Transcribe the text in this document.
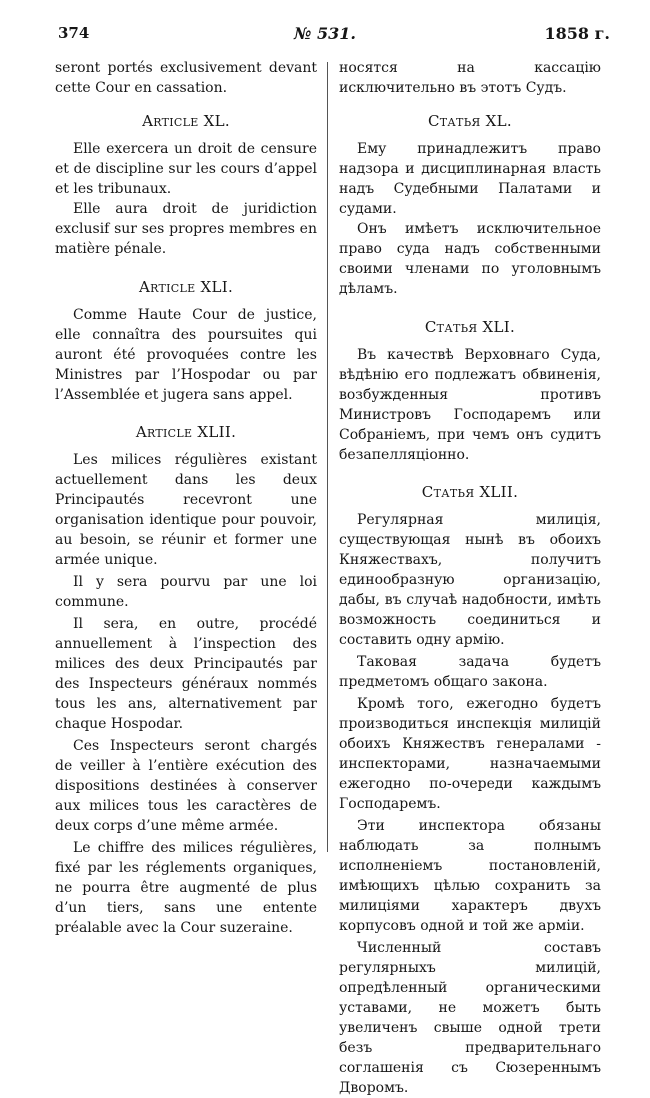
374	№ 531.	1858 г.

seront portés exclusivement devant cette Cour en cassation.

Article XL.

Elle exercera un droit de censure et de discipline sur les cours d’appel et les tribunaux.

Elle aura droit de juridiction exclusif sur ses propres membres en matière pénale.

Article XLI.

Comme Haute Cour de justice, elle connaîtra des poursuites qui auront été provoquées contre les Ministres par l’Hospodar ou par l’Assemblée et jugera sans appel.

Article XLII.

Les milices régulières existant actuellement dans les deux Principautés recevront une organisation identique pour pouvoir, au besoin, se réunir et former une armée unique.

Il y sera pourvu par une loi commune.

Il sera, en outre, procédé annuellement à l’inspection des milices des deux Principautés par des Inspecteurs généraux nommés tous les ans, alternativement par chaque Hospodar.

Ces Inspecteurs seront chargés de veiller à l’entière exécution des dispositions destinées à conserver aux milices tous les caractères de deux corps d’une même armée.

Le chiffre des milices régulières, fixé par les réglements organiques, ne pourra être augmenté de plus d’un tiers, sans une entente préalable avec la Cour suzeraine.

носятся на кассацію исключительно въ этотъ Судъ.

Статья XL.

Ему принадлежитъ право надзора и дисциплинарная власть надъ Судебными Палатами и судами.

Онъ имѣетъ исключительное право суда надъ собственными своими членами по уголовнымъ дѣламъ.

Статья XLI.

Въ качествѣ Верховнаго Суда, вѣдѣнію его подлежатъ обвиненія, возбужденныя противъ Министровъ Господаремъ или Собраніемъ, при чемъ онъ судитъ безапелляціонно.

Статья XLII.

Регулярная милиція, существующая нынѣ въ обоихъ Княжествахъ, получитъ единообразную организацію, дабы, въ случаѣ надобности, имѣть возможность соединиться и составить одну армію.

Таковая задача будетъ предметомъ общаго закона.

Кромѣ того, ежегодно будетъ производиться инспекція милицій обоихъ Княжествъ генералами - инспекторами, назначаемыми ежегодно по-очереди каждымъ Господаремъ.

Эти инспектора обязаны наблюдать за полнымъ исполненіемъ постановленій, имѣющихъ цѣлью сохранить за милиціями характеръ двухъ корпусовъ одной и той же арміи.

Численный составъ регулярныхъ милицій, опредѣленный органическими уставами, не можетъ быть увеличенъ свыше одной трети безъ предварительнаго соглашенія съ Сюзереннымъ Дворомъ.
